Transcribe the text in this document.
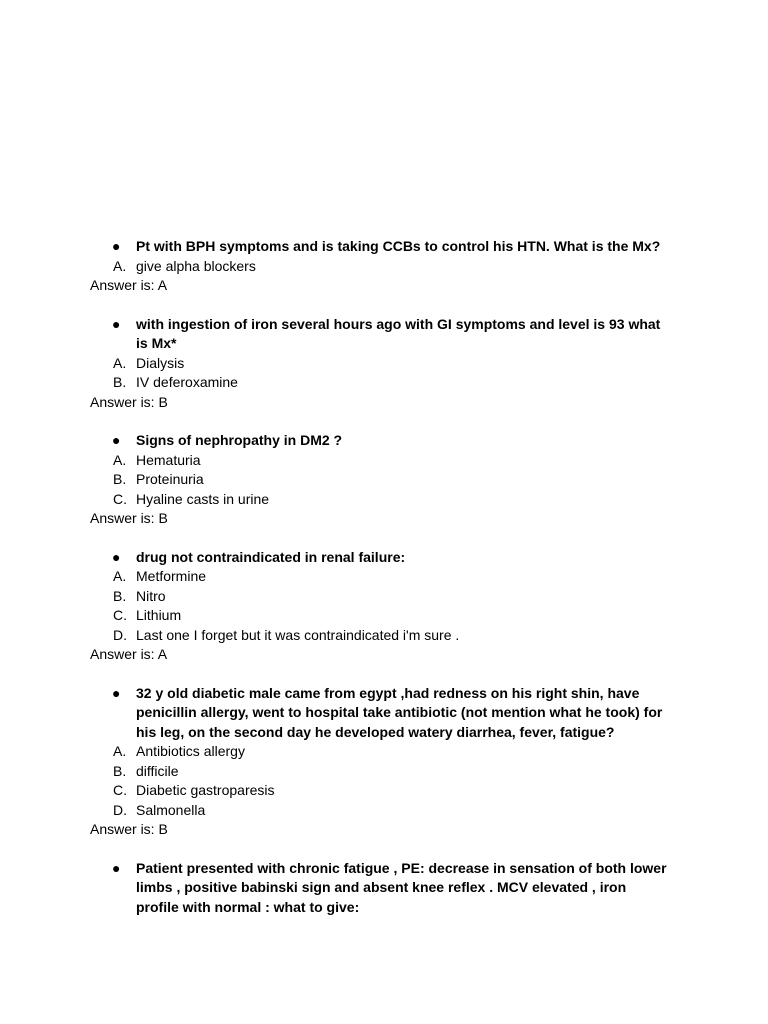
● Pt with BPH symptoms and is taking CCBs to control his HTN. What is the Mx?
A. give alpha blockers
Answer is: A
● with ingestion of iron several hours ago with GI symptoms and level is 93 what is Mx*
A. Dialysis
B. IV deferoxamine
Answer is: B
● Signs of nephropathy in DM2 ?
A. Hematuria
B. Proteinuria
C. Hyaline casts in urine
Answer is: B
● drug not contraindicated in renal failure:
A. Metformine
B. Nitro
C. Lithium
D. Last one I forget but it was contraindicated i'm sure .
Answer is: A
● 32 y old diabetic male came from egypt ,had redness on his right shin, have penicillin allergy, went to hospital take antibiotic (not mention what he took) for his leg, on the second day he developed watery diarrhea, fever, fatigue?
A. Antibiotics allergy
B. difficile
C. Diabetic gastroparesis
D. Salmonella
Answer is: B
● Patient presented with chronic fatigue , PE: decrease in sensation of both lower limbs , positive babinski sign and absent knee reflex . MCV elevated , iron profile with normal : what to give:
